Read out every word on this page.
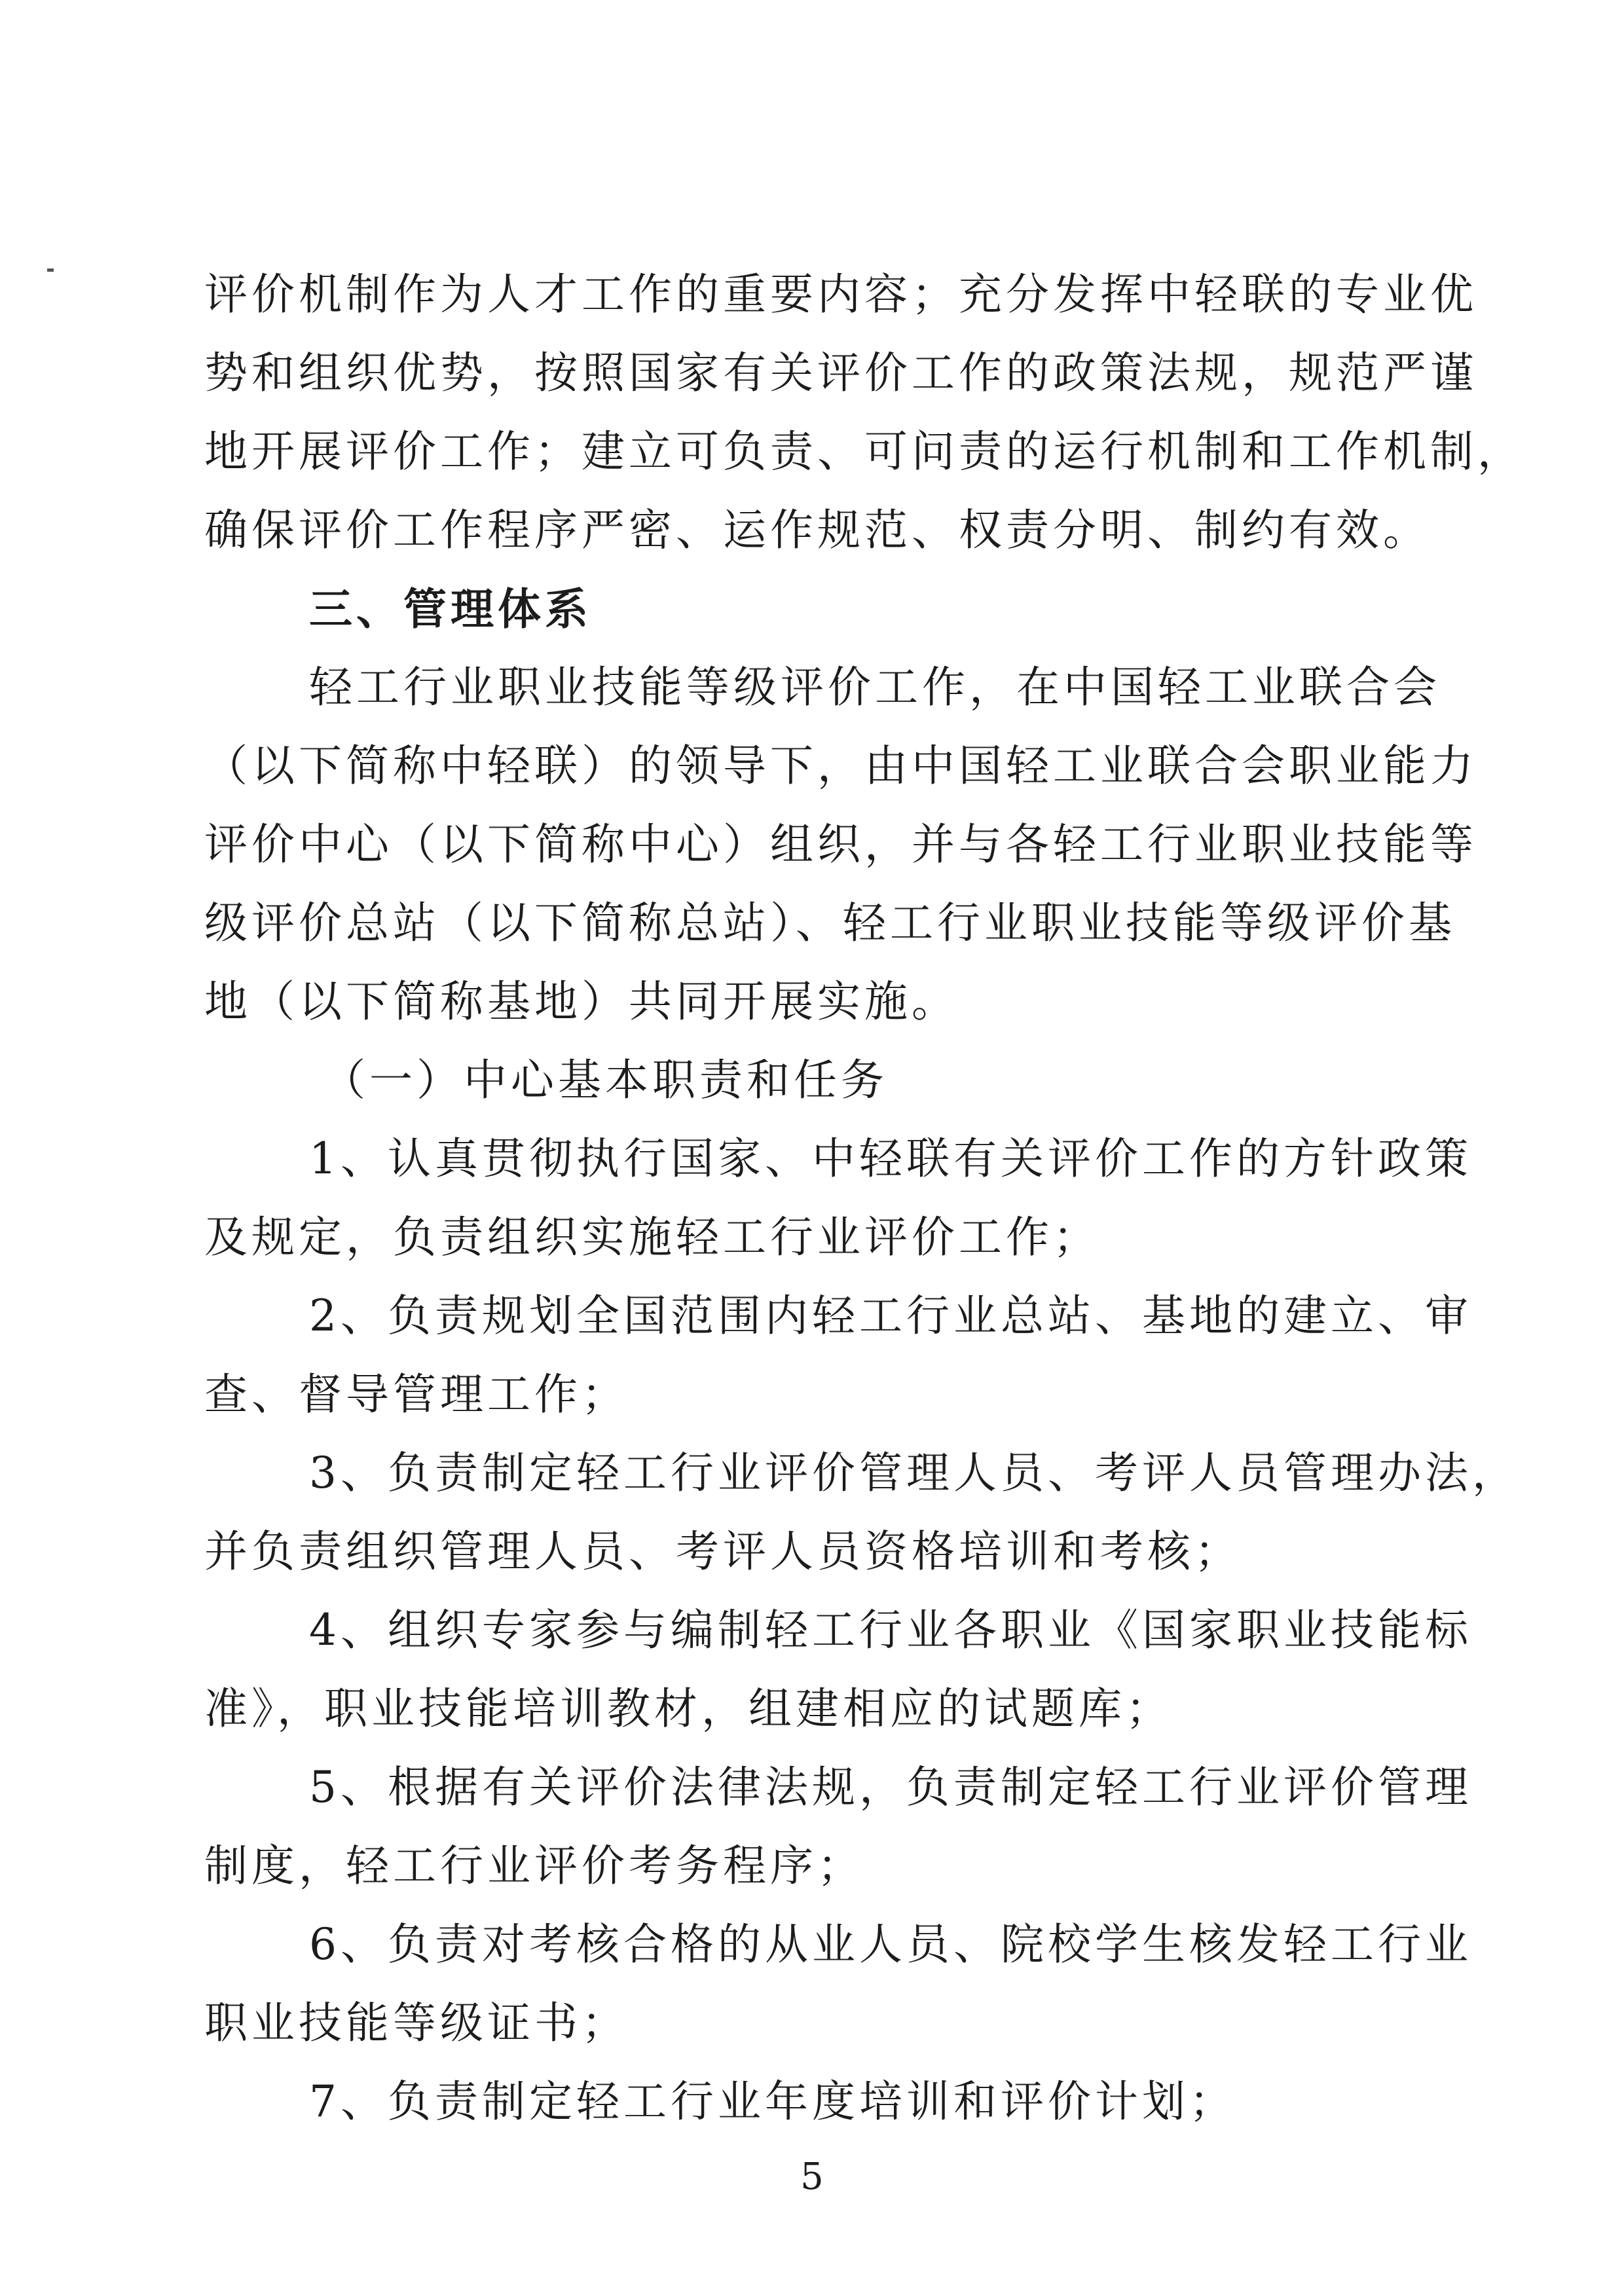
评价机制作为人才工作的重要内容；充分发挥中轻联的专业优
势和组织优势，按照国家有关评价工作的政策法规，规范严谨
地开展评价工作；建立可负责、可问责的运行机制和工作机制，
确保评价工作程序严密、运作规范、权责分明、制约有效。
三、管理体系
轻工行业职业技能等级评价工作，在中国轻工业联合会
（以下简称中轻联）的领导下，由中国轻工业联合会职业能力
评价中心（以下简称中心）组织，并与各轻工行业职业技能等
级评价总站（以下简称总站）、轻工行业职业技能等级评价基
地（以下简称基地）共同开展实施。
（一）中心基本职责和任务
1、认真贯彻执行国家、中轻联有关评价工作的方针政策
及规定，负责组织实施轻工行业评价工作；
2、负责规划全国范围内轻工行业总站、基地的建立、审
查、督导管理工作；
3、负责制定轻工行业评价管理人员、考评人员管理办法，
并负责组织管理人员、考评人员资格培训和考核；
4、组织专家参与编制轻工行业各职业《国家职业技能标
准》，职业技能培训教材，组建相应的试题库；
5、根据有关评价法律法规，负责制定轻工行业评价管理
制度，轻工行业评价考务程序；
6、负责对考核合格的从业人员、院校学生核发轻工行业
职业技能等级证书；
7、负责制定轻工行业年度培训和评价计划；
5
